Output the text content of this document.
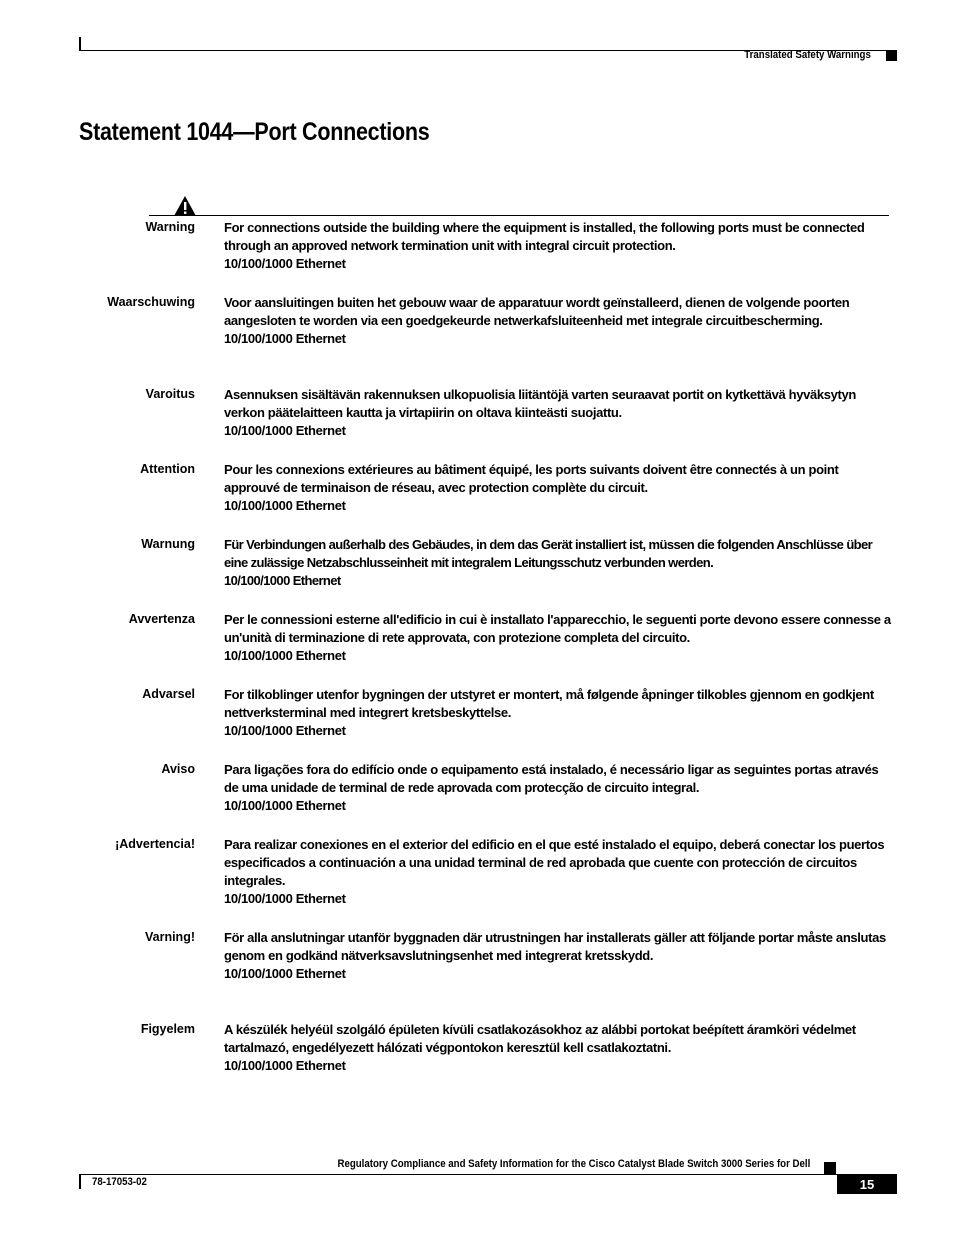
Translated Safety Warnings
Statement 1044—Port Connections
Warning For connections outside the building where the equipment is installed, the following ports must be connected through an approved network termination unit with integral circuit protection.

10/100/1000 Ethernet

Waarschuwing Voor aansluitingen buiten het gebouw waar de apparatuur wordt geïnstalleerd, dienen de volgende poorten aangesloten te worden via een goedgekeurde netwerkafsluiteenheid met integrale circuitbescherming.

10/100/1000 Ethernet

Varoitus Asennuksen sisältävän rakennuksen ulkopuolisia liitäntöjä varten seuraavat portit on kytkettävä hyväksytyn verkon päätelaitteen kautta ja virtapiirin on oltava kiinteästi suojattu.

10/100/1000 Ethernet

Attention Pour les connexions extérieures au bâtiment équipé, les ports suivants doivent être connectés à un point approuvé de terminaison de réseau, avec protection complète du circuit.

10/100/1000 Ethernet

Warnung Für Verbindungen außerhalb des Gebäudes, in dem das Gerät installiert ist, müssen die folgenden Anschlüsse über eine zulässige Netzabschlusseinheit mit integralem Leitungsschutz verbunden werden.

10/100/1000 Ethernet

Avvertenza Per le connessioni esterne all'edificio in cui è installato l'apparecchio, le seguenti porte devono essere connesse a un'unità di terminazione di rete approvata, con protezione completa del circuito.

10/100/1000 Ethernet

Advarsel For tilkoblinger utenfor bygningen der utstyret er montert, må følgende åpninger tilkobles gjennom en godkjent nettverksterminal med integrert kretsbeskyttelse.

10/100/1000 Ethernet

Aviso Para ligações fora do edifício onde o equipamento está instalado, é necessário ligar as seguintes portas através de uma unidade de terminal de rede aprovada com protecção de circuito integral.

10/100/1000 Ethernet

¡Advertencia! Para realizar conexiones en el exterior del edificio en el que esté instalado el equipo, deberá conectar los puertos especificados a continuación a una unidad terminal de red aprobada que cuente con protección de circuitos integrales.

10/100/1000 Ethernet

Varning! För alla anslutningar utanför byggnaden där utrustningen har installerats gäller att följande portar måste anslutas genom en godkänd nätverksavslutningsenhet med integrerat kretsskydd.

10/100/1000 Ethernet

Figyelem A készülék helyéül szolgáló épületen kívüli csatlakozásokhoz az alábbi portokat beépített áramköri védelmet tartalmazó, engedélyezett hálózati végpontokon keresztül kell csatlakoztatni.

10/100/1000 Ethernet

Regulatory Compliance and Safety Information for the Cisco Catalyst Blade Switch 3000 Series for Dell
78-17053-02	15
